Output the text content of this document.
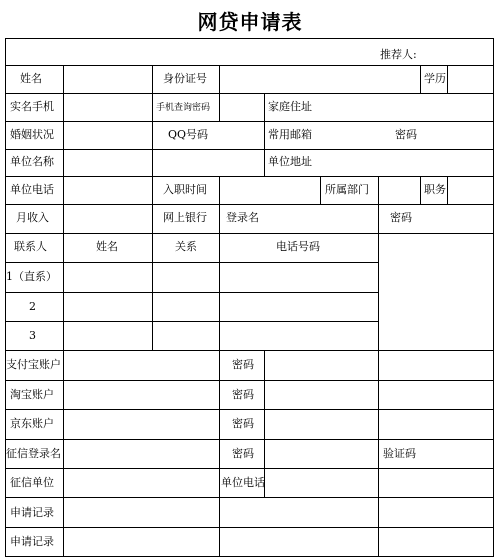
网贷申请表
推荐人:
姓名	身份证号	学历
实名手机	手机查询密码	家庭住址
婚姻状况	QQ号码	常用邮箱	密码
单位名称	单位地址
单位电话	入职时间	所属部门	职务
月收入	网上银行 登录名	密码
联系人	姓名	关系	电话号码
1（直系）
2
3
支付宝账户	密码
淘宝账户	密码
京东账户	密码
征信登录名	密码	验证码
征信单位	单位电话
申请记录
申请记录
